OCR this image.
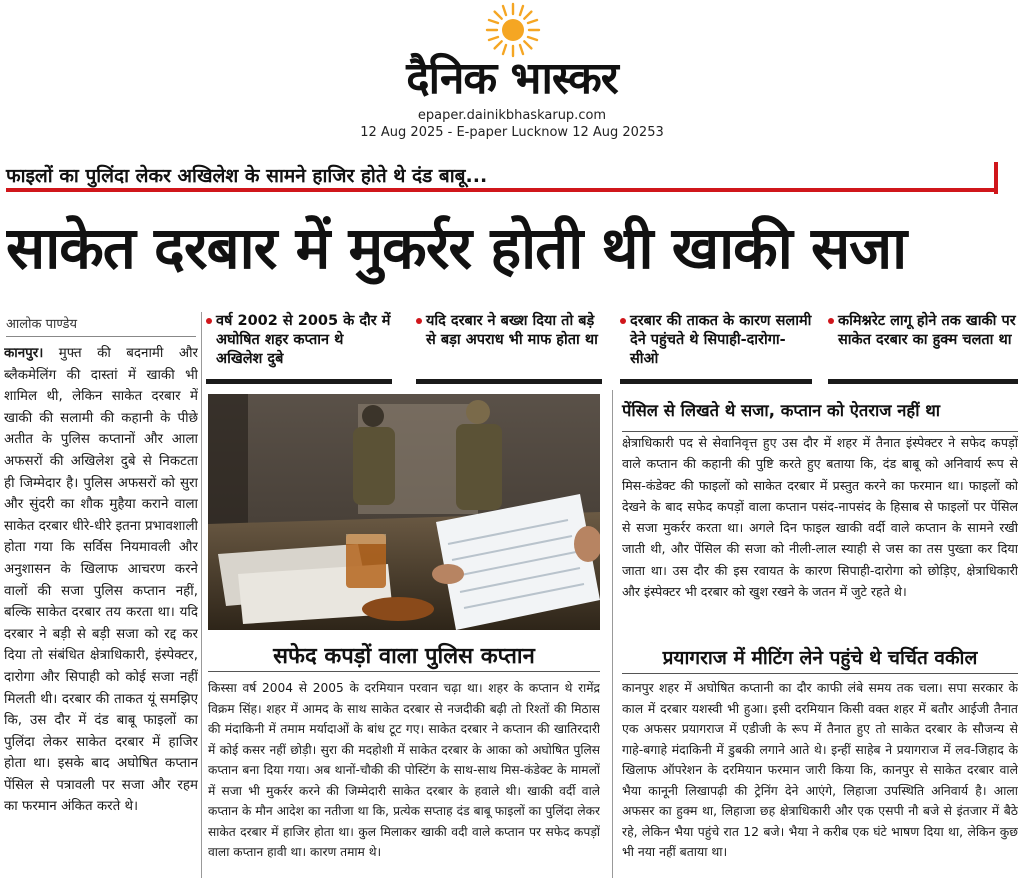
दैनिक भास्कर
epaper.dainikbhaskarup.com
12 Aug 2025 - E-paper Lucknow 12 Aug 20253
फाइलों का पुलिंदा लेकर अखिलेश के सामने हाजिर होते थे दंड बाबू...
साकेत दरबार में मुकर्रर होती थी खाकी सजा
आलोक पाण्डेय	वर्ष 2002 से 2005 के दौर में अघोषित शहर कप्तान थे अखिलेश दुबे
यदि दरबार ने बख्श दिया तो बड़े से बड़ा अपराध भी माफ होता था
दरबार की ताकत के कारण सलामी देने पहुंचते थे सिपाही-दारोगा-सीओ
कमिश्नरेट लागू होने तक खाकी पर साकेत दरबार का हुक्म चलता था
कानपुर। मुफ्त की बदनामी और ब्लैकमेलिंग की दास्तां में खाकी भी शामिल थी, लेकिन साकेत दरबार में खाकी की सलामी की कहानी के पीछे अतीत के पुलिस कप्तानों और आला अफसरों की अखिलेश दुबे से निकटता ही जिम्मेदार है। पुलिस अफसरों को सुरा और सुंदरी का शौक मुहैया कराने वाला साकेत दरबार धीरे-धीरे इतना प्रभावशाली होता गया कि सर्विस नियमावली और अनुशासन के खिलाफ आचरण करने वालों की सजा पुलिस कप्तान नहीं, बल्कि साकेत दरबार तय करता था। यदि दरबार ने बड़ी से बड़ी सजा को रद्द कर दिया तो संबंधित क्षेत्राधिकारी, इंस्पेक्टर, दारोगा और सिपाही को कोई सजा नहीं मिलती थी। दरबार की ताकत यूं समझिए कि, उस दौर में दंड बाबू फाइलों का पुलिंदा लेकर साकेत दरबार में हाजिर होता था। इसके बाद अघोषित कप्तान पेंसिल से पत्रावली पर सजा और रहम का फरमान अंकित करते थे।
सफेद कपड़ों वाला पुलिस कप्तान
किस्सा वर्ष 2004 से 2005 के दरमियान परवान चढ़ा था। शहर के कप्तान थे रामेंद्र विक्रम सिंह। शहर में आमद के साथ साकेत दरबार से नजदीकी बढ़ी तो रिश्तों की मिठास की मंदाकिनी में तमाम मर्यादाओं के बांध टूट गए। साकेत दरबार ने कप्तान की खातिरदारी में कोई कसर नहीं छोड़ी। सुरा की मदहोशी में साकेत दरबार के आका को अघोषित पुलिस कप्तान बना दिया गया। अब थानों-चौकी की पोस्टिंग के साथ-साथ मिस-कंडेक्ट के मामलों में सजा भी मुकर्रर करने की जिम्मेदारी साकेत दरबार के हवाले थी। खाकी वर्दी वाले कप्तान के मौन आदेश का नतीजा था कि, प्रत्येक सप्ताह दंड बाबू फाइलों का पुलिंदा लेकर साकेत दरबार में हाजिर होता था। कुल मिलाकर खाकी वदी वाले कप्तान पर सफेद कपड़ों वाला कप्तान हावी था। कारण तमाम थे।
पेंसिल से लिखते थे सजा, कप्तान को ऐतराज नहीं था
क्षेत्राधिकारी पद से सेवानिवृत्त हुए उस दौर में शहर में तैनात इंस्पेक्टर ने सफेद कपड़ों वाले कप्तान की कहानी की पुष्टि करते हुए बताया कि, दंड बाबू को अनिवार्य रूप से मिस-कंडेक्ट की फाइलों को साकेत दरबार में प्रस्तुत करने का फरमान था। फाइलों को देखने के बाद सफेद कपड़ों वाला कप्तान पसंद-नापसंद के हिसाब से फाइलों पर पेंसिल से सजा मुकर्रर करता था। अगले दिन फाइल खाकी वर्दी वाले कप्तान के सामने रखी जाती थी, और पेंसिल की सजा को नीली-लाल स्याही से जस का तस पुख्ता कर दिया जाता था। उस दौर की इस रवायत के कारण सिपाही-दारोगा को छोड़िए, क्षेत्राधिकारी और इंस्पेक्टर भी दरबार को खुश रखने के जतन में जुटे रहते थे।
प्रयागराज में मीटिंग लेने पहुंचे थे चर्चित वकील
कानपुर शहर में अघोषित कप्तानी का दौर काफी लंबे समय तक चला। सपा सरकार के काल में दरबार यशस्वी भी हुआ। इसी दरमियान किसी वक्त शहर में बतौर आईजी तैनात एक अफसर प्रयागराज में एडीजी के रूप में तैनात हुए तो साकेत दरबार के सौजन्य से गाहे-बगाहे मंदाकिनी में डुबकी लगाने आते थे। इन्हीं साहेब ने प्रयागराज में लव-जिहाद के खिलाफ ऑपरेशन के दरमियान फरमान जारी किया कि, कानपुर से साकेत दरबार वाले भैया कानूनी लिखापढ़ी की ट्रेनिंग देने आएंगे, लिहाजा उपस्थिति अनिवार्य है। आला अफसर का हुक्म था, लिहाजा छह क्षेत्राधिकारी और एक एसपी नौ बजे से इंतजार में बैठे रहे, लेकिन भैया पहुंचे रात 12 बजे। भैया ने करीब एक घंटे भाषण दिया था, लेकिन कुछ भी नया नहीं बताया था।
